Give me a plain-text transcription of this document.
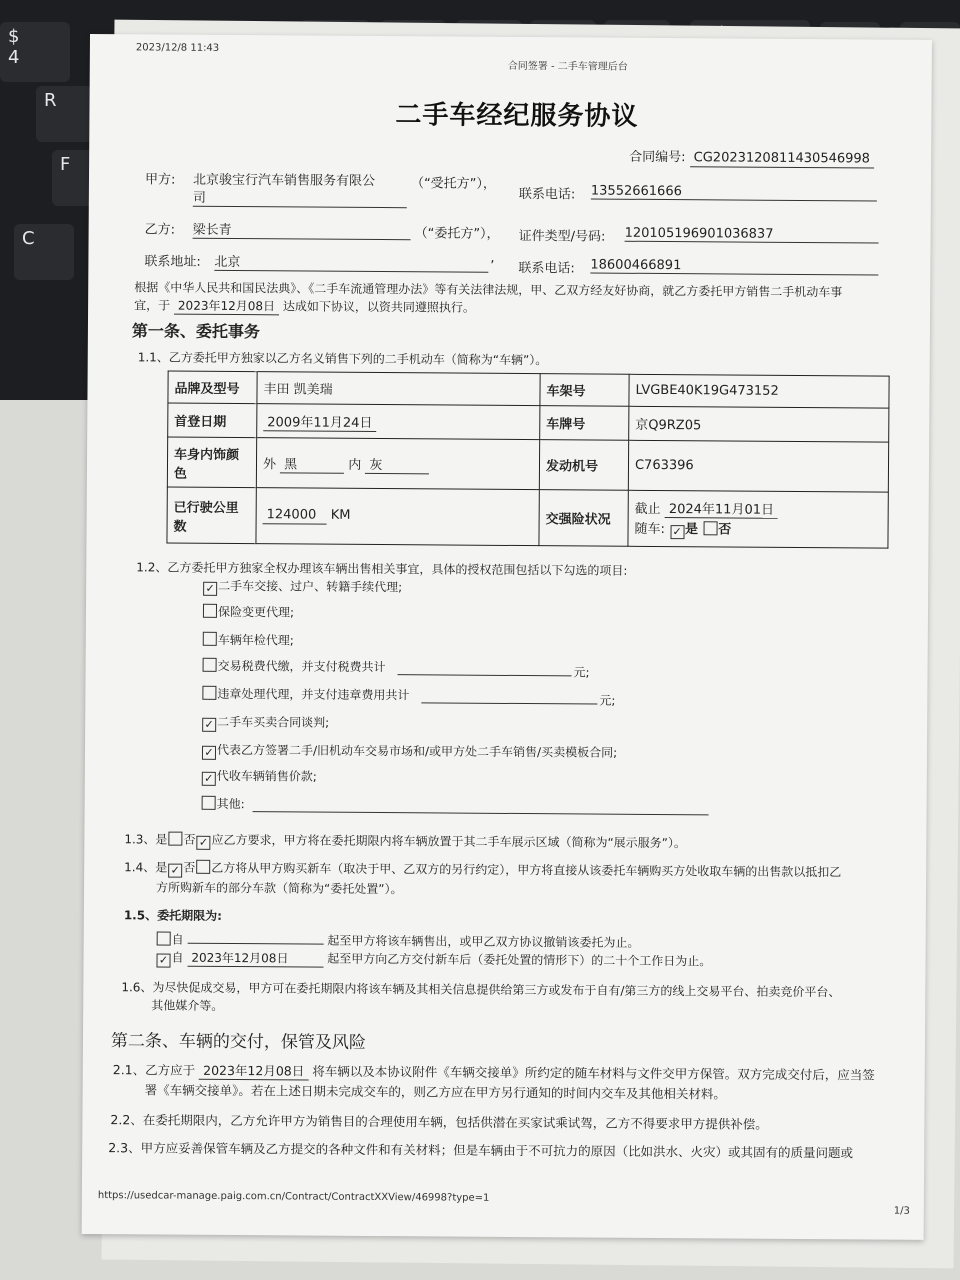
$
4
R
F
C
2023/12/8 11:43
合同签署 - 二手车管理后台
二手车经纪服务协议
合同编号: CG2023120811430546998
甲方: 北京骏宝行汽车销售服务有限公
司
（“受托方”），
联系电话: 13552661666
乙方: 梁长青	（“委托方”）， 证件类型/号码: 120105196901036837
联系地址: 北京	,
联系电话: 18600466891
根据《中华人民共和国民法典》、《二手车流通管理办法》等有关法律法规，甲、乙双方经友好协商，就乙方委托甲方销售二手机动车事
宜，于 2023年12月08日 达成如下协议，以资共同遵照执行。
第一条、委托事务
1.1、乙方委托甲方独家以乙方名义销售下列的二手机动车（简称为“车辆”）。
品牌及型号	丰田 凯美瑞	车架号	LVGBE40K19G473152
首登日期	2009年11月24日	车牌号	京Q9RZ05
车身内饰颜色	外 黑 内 灰	发动机号	C763396
已行驶公里数	124000 KM	交强险状况	截止 2024年11月01日
随车: ✓ 是 否
1.2、乙方委托甲方独家全权办理该车辆出售相关事宜，具体的授权范围包括以下勾选的项目:
✓ 二手车交接、过户、转籍手续代理;
保险变更代理;
车辆年检代理;
交易税费代缴，并支付税费共计	元;
违章处理代理，并支付违章费用共计	元;
✓ 二手车买卖合同谈判;
✓ 代表乙方签署二手/旧机动车交易市场和/或甲方处二手车销售/买卖模板合同;
✓ 代收车辆销售价款;
其他:
1.3、是 否 ✓ 应乙方要求，甲方将在委托期限内将车辆放置于其二手车展示区域（简称为“展示服务”）。
1.4、是 ✓ 否 乙方将从甲方购买新车（取决于甲、乙双方的另行约定），甲方将直接从该委托车辆购买方处收取车辆的出售款以抵扣乙
方所购新车的部分车款（简称为“委托处置”）。
1.5、委托期限为:
自	起至甲方将该车辆售出，或甲乙双方协议撤销该委托为止。
✓ 自 2023年12月08日	起至甲方向乙方交付新车后（委托处置的情形下）的二十个工作日为止。
1.6、为尽快促成交易，甲方可在委托期限内将该车辆及其相关信息提供给第三方或发布于自有/第三方的线上交易平台、拍卖竞价平台、
其他媒介等。
第二条、车辆的交付，保管及风险
2.1、乙方应于 2023年12月08日 将车辆以及本协议附件《车辆交接单》所约定的随车材料与文件交甲方保管。双方完成交付后，应当签
署《车辆交接单》。若在上述日期未完成交车的，则乙方应在甲方另行通知的时间内交车及其他相关材料。
2.2、在委托期限内，乙方允许甲方为销售目的合理使用车辆，包括供潜在买家试乘试驾，乙方不得要求甲方提供补偿。
2.3、甲方应妥善保管车辆及乙方提交的各种文件和有关材料；但是车辆由于不可抗力的原因（比如洪水、火灾）或其固有的质量问题或
https://usedcar-manage.paig.com.cn/Contract/ContractXXView/46998?type=1
1/3
